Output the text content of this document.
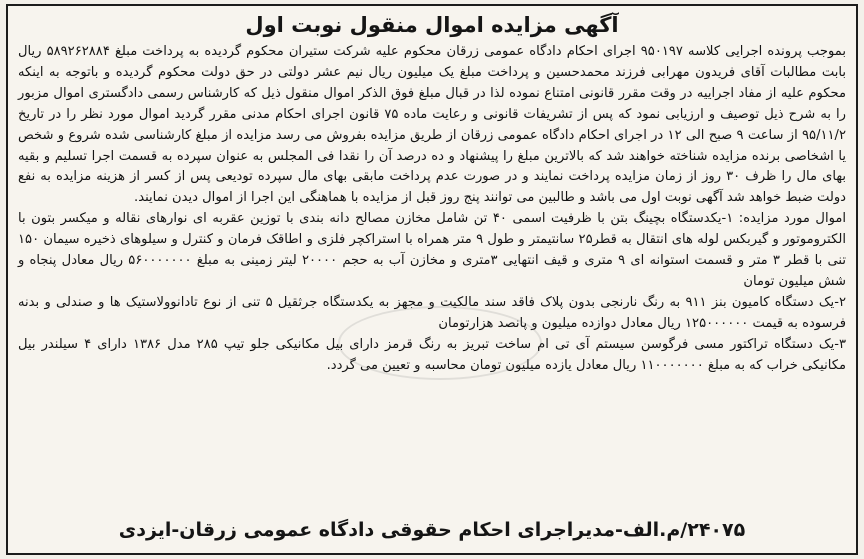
آگهی مزایده اموال منقول نوبت اول

بموجب پرونده اجرایی کلاسه ۹۵۰۱۹۷ اجرای احکام دادگاه عمومی زرقان محکوم علیه شرکت ستیران محکوم گردیده به پرداخت مبلغ ۵۸۹۲۶۲۸۸۴ ریال بابت مطالبات آقای فریدون مهرابی فرزند محمدحسین و پرداخت مبلغ یک میلیون ریال نیم عشر دولتی در حق دولت محکوم گردیده و باتوجه به اینکه محکوم علیه از مفاد اجراییه در وقت مقرر قانونی امتناع نموده لذا در قبال مبلغ فوق الذکر اموال منقول ذیل که کارشناس رسمی دادگستری اموال مزبور را به شرح ذیل توصیف و ارزیابی نمود که پس از تشریفات قانونی و رعایت ماده ۷۵ قانون اجرای احکام مدنی مقرر گردید اموال مورد نظر را در تاریخ ۹۵/۱۱/۲ از ساعت ۹ صبح الی ۱۲ در اجرای احکام دادگاه عمومی زرقان از طریق مزایده بفروش می رسد مزایده از مبلغ کارشناسی شده شروع و شخص یا اشخاصی برنده مزایده شناخته خواهند شد که بالاترین مبلغ را پیشنهاد و ده درصد آن را نقدا فی المجلس به عنوان سپرده به قسمت اجرا تسلیم و بقیه بهای مال را ظرف ۳۰ روز از زمان مزایده پرداخت نمایند و در صورت عدم پرداخت مابقی بهای مال سپرده تودیعی پس از کسر از هزینه مزایده به نفع دولت ضبط خواهد شد آگهی نوبت اول می باشد و طالبین می توانند پنج روز قبل از مزایده با هماهنگی این اجرا از اموال دیدن نمایند.

اموال مورد مزایده: ۱-یکدستگاه بچینگ بتن با ظرفیت اسمی ۴۰ تن شامل مخازن مصالح دانه بندی با توزین عقربه ای نوارهای نقاله و میکسر بتون با الکتروموتور و گیربکس لوله های انتقال به قطر۲۵ سانتیمتر و طول ۹ متر همراه با استراکچر فلزی و اطاقک فرمان و کنترل و سیلوهای ذخیره سیمان ۱۵۰ تنی با قطر ۳ متر و قسمت استوانه ای ۹ متری و قیف انتهایی ۳متری و مخازن آب به حجم ۲۰۰۰۰ لیتر زمینی به مبلغ ۵۶۰۰۰۰۰۰۰ ریال معادل پنجاه و شش میلیون تومان

۲-یک دستگاه کامیون بنز ۹۱۱ به رنگ نارنجی بدون پلاک فاقد سند مالکیت و مجهز به یکدستگاه جرثقیل ۵ تنی از نوع تادانوولاستیک ها و صندلی و بدنه فرسوده به قیمت ۱۲۵۰۰۰۰۰۰ ریال معادل دوازده میلیون و پانصد هزارتومان

۳-یک دستگاه تراکتور مسی فرگوسن سیستم آی تی ام ساخت تبریز به رنگ قرمز دارای بیل مکانیکی جلو تیپ ۲۸۵ مدل ۱۳۸۶ دارای ۴ سیلندر بیل مکانیکی خراب که به مبلغ ۱۱۰۰۰۰۰۰۰ ریال معادل یازده میلیون تومان محاسبه و تعیین می گردد.

۲۴۰۷۵/م.الف-مدیراجرای احکام حقوقی دادگاه عمومی زرقان-ایزدی
